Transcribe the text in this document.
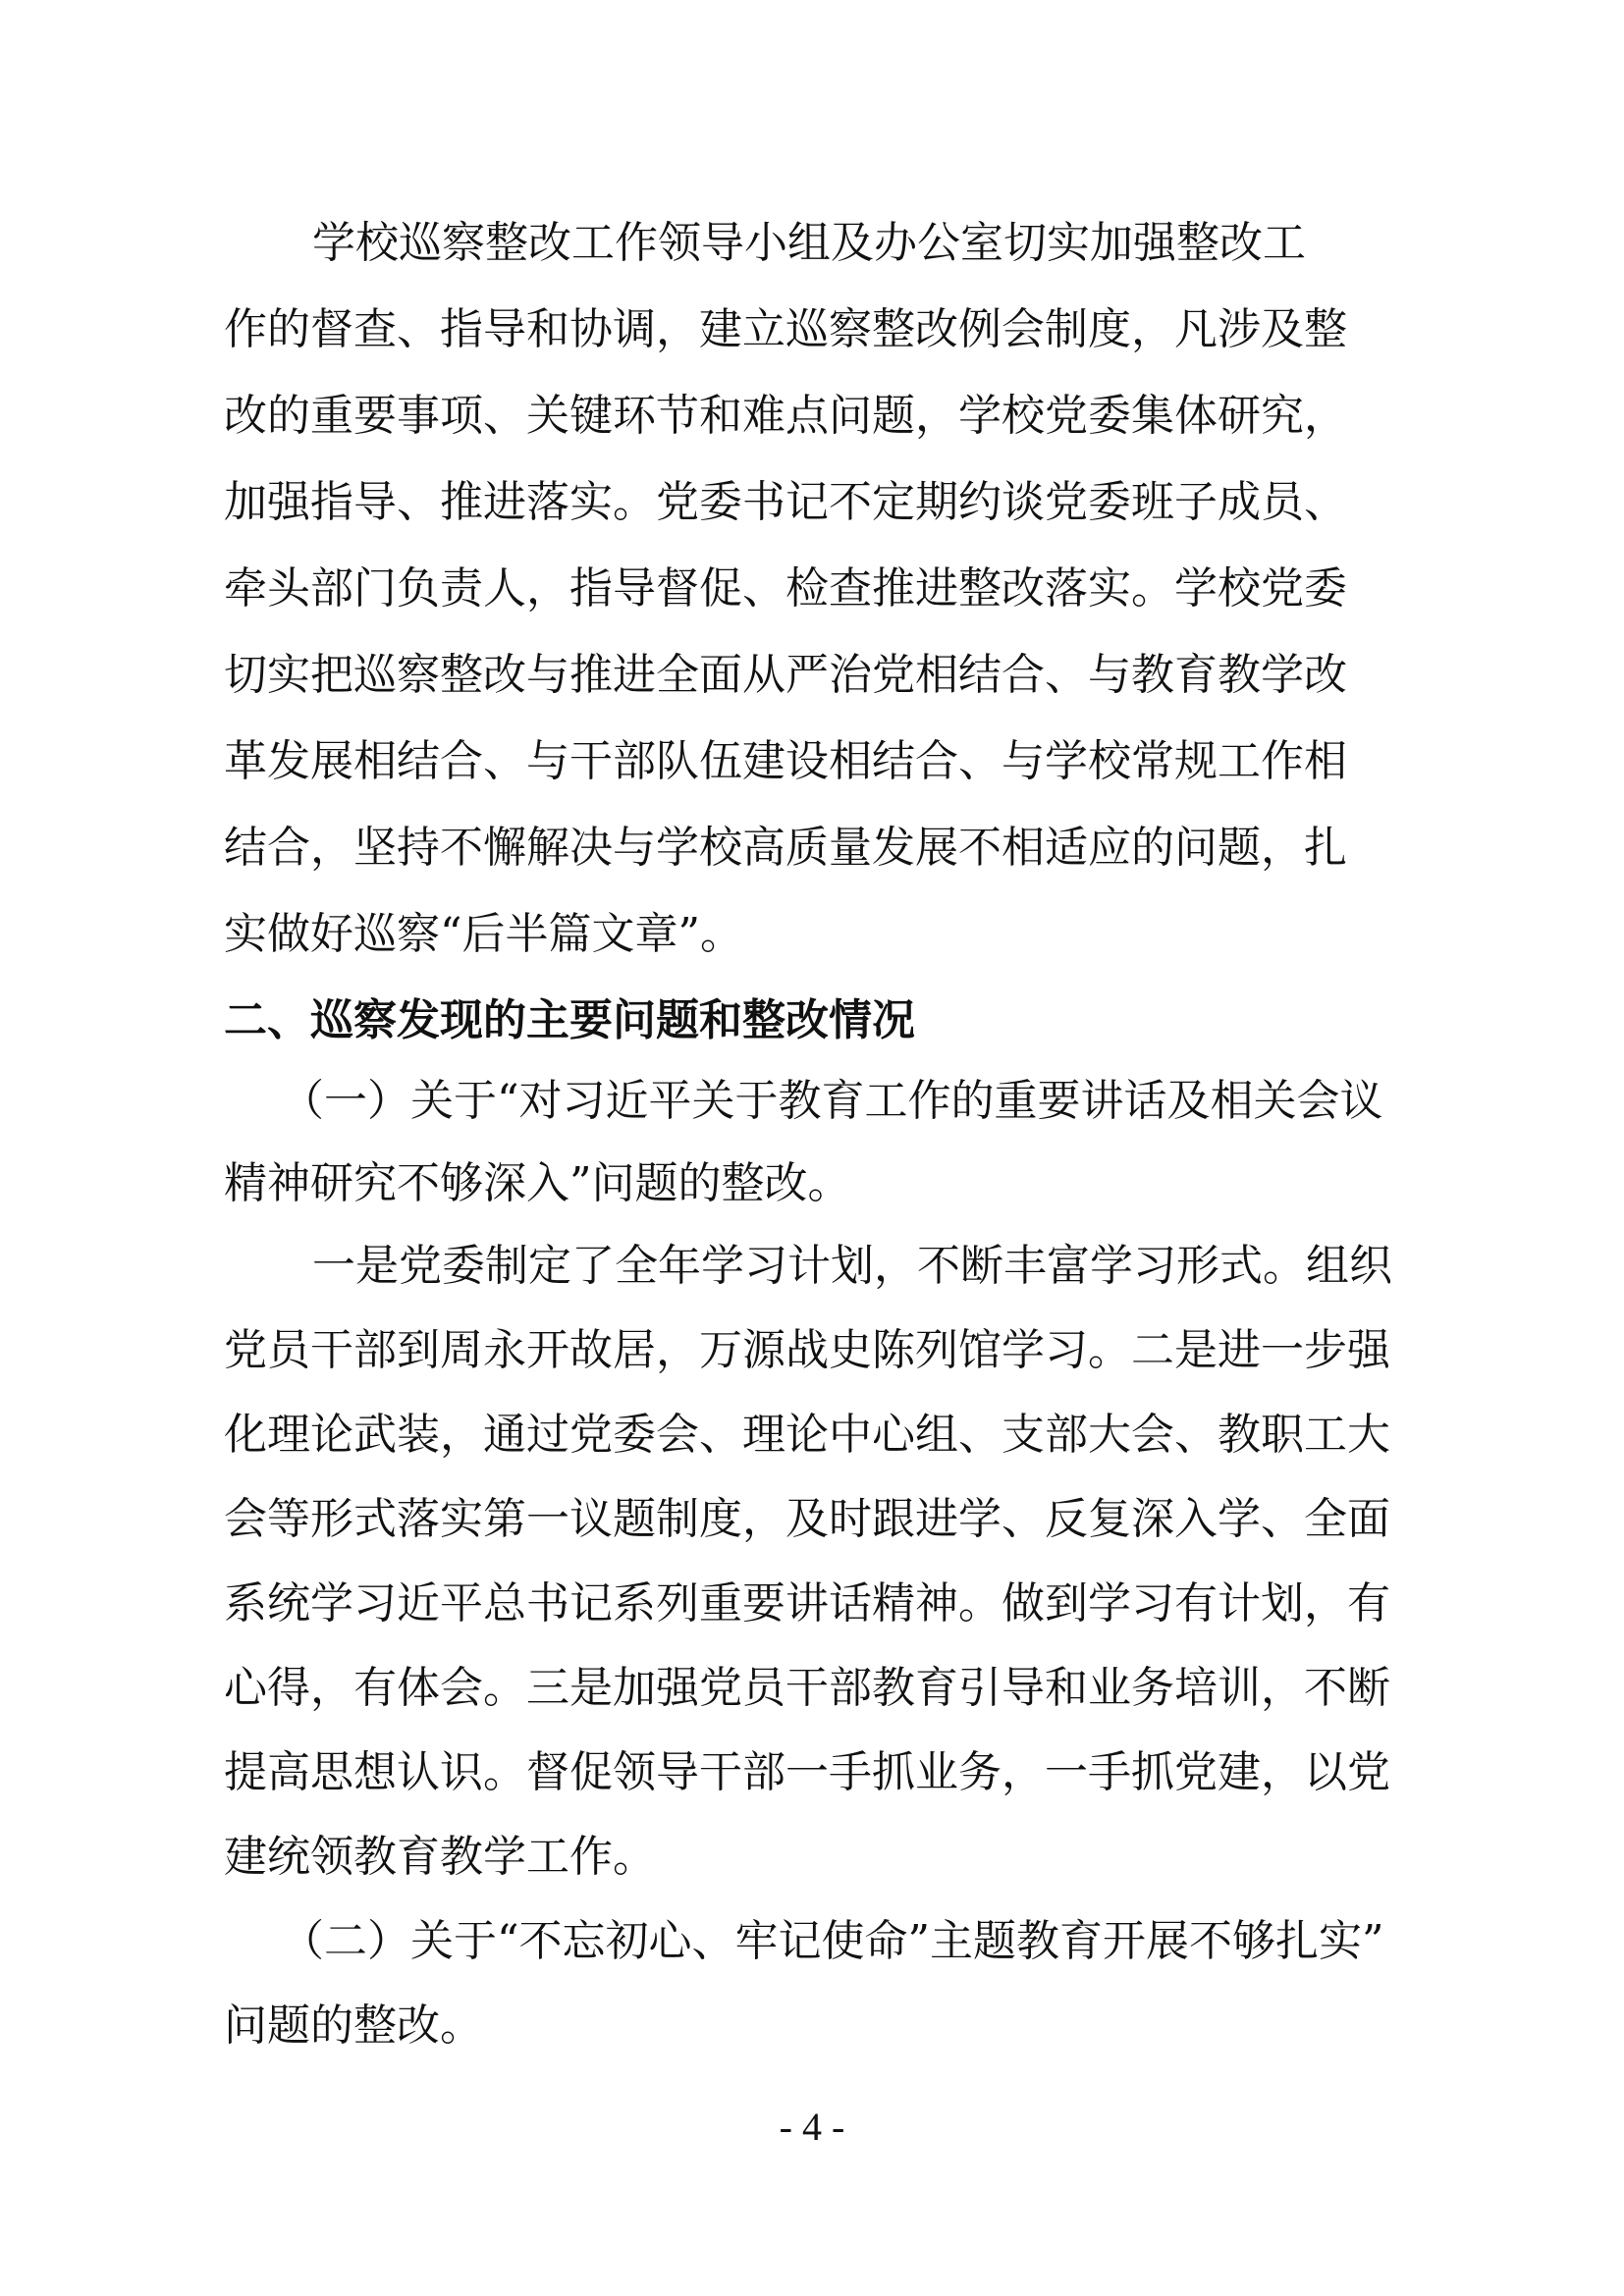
学校巡察整改工作领导小组及办公室切实加强整改工
作的督查、指导和协调，建立巡察整改例会制度，凡涉及整
改的重要事项、关键环节和难点问题，学校党委集体研究，
加强指导、推进落实。党委书记不定期约谈党委班子成员、
牵头部门负责人，指导督促、检查推进整改落实。学校党委
切实把巡察整改与推进全面从严治党相结合、与教育教学改
革发展相结合、与干部队伍建设相结合、与学校常规工作相
结合，坚持不懈解决与学校高质量发展不相适应的问题，扎
实做好巡察“后半篇文章”。
二、巡察发现的主要问题和整改情况
（一）关于“对习近平关于教育工作的重要讲话及相关会议
精神研究不够深入”问题的整改。
一是党委制定了全年学习计划，不断丰富学习形式。组织
党员干部到周永开故居，万源战史陈列馆学习。二是进一步强
化理论武装，通过党委会、理论中心组、支部大会、教职工大
会等形式落实第一议题制度，及时跟进学、反复深入学、全面
系统学习近平总书记系列重要讲话精神。做到学习有计划，有
心得，有体会。三是加强党员干部教育引导和业务培训，不断
提高思想认识。督促领导干部一手抓业务，一手抓党建，以党
建统领教育教学工作。
（二）关于“不忘初心、牢记使命”主题教育开展不够扎实”
问题的整改。
- 4 -
